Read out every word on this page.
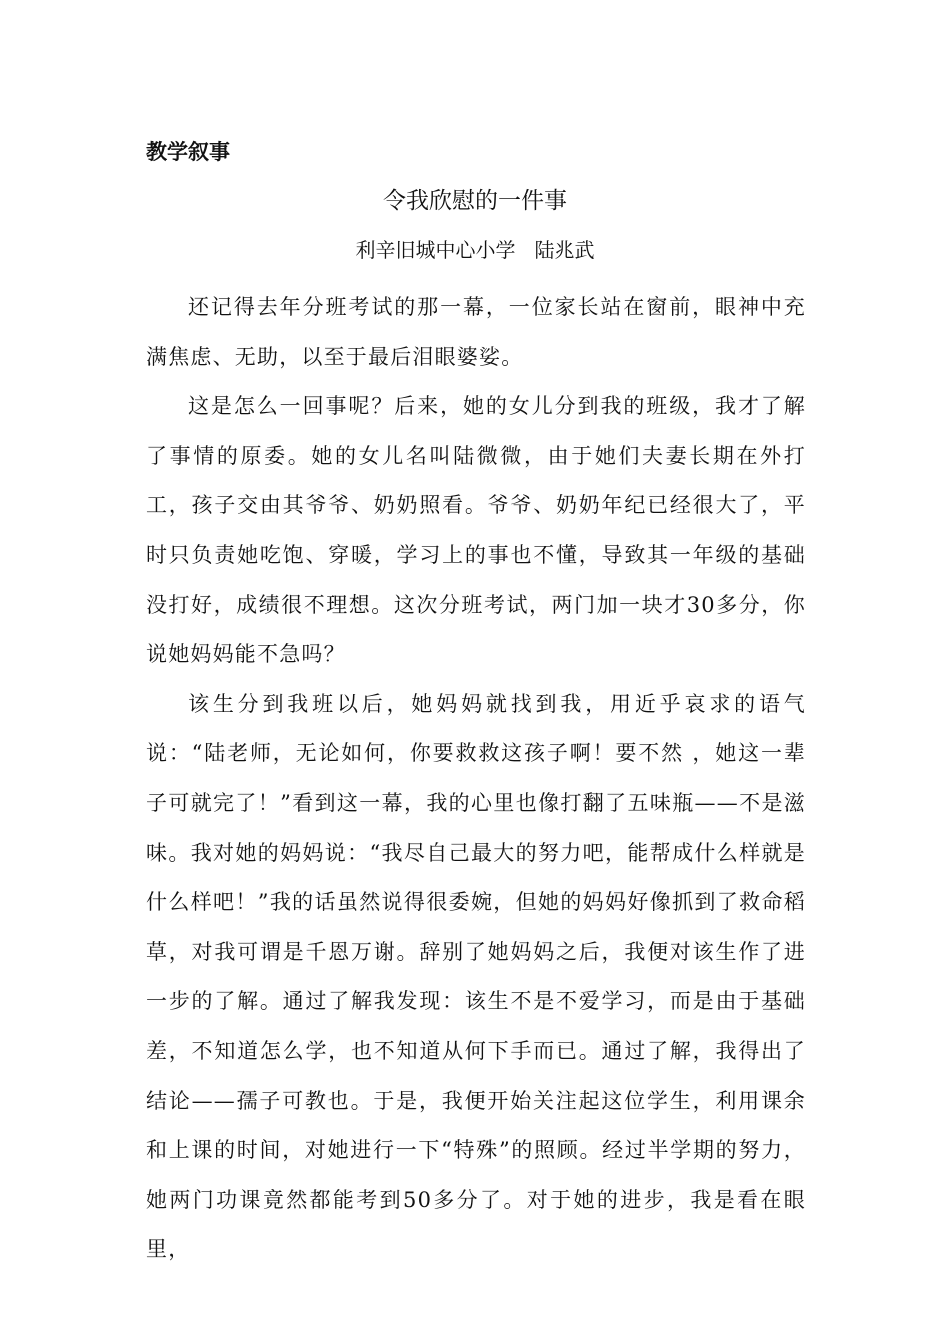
教学叙事
令我欣慰的一件事
利辛旧城中心小学   陆兆武

还记得去年分班考试的那一幕，一位家长站在窗前，眼神中充满焦虑、无助，以至于最后泪眼婆娑。

这是怎么一回事呢？后来，她的女儿分到我的班级，我才了解了事情的原委。她的女儿名叫陆微微，由于她们夫妻长期在外打工，孩子交由其爷爷、奶奶照看。爷爷、奶奶年纪已经很大了，平时只负责她吃饱、穿暖，学习上的事也不懂，导致其一年级的基础没打好，成绩很不理想。这次分班考试，两门加一块才30多分，你说她妈妈能不急吗？

该生分到我班以后，她妈妈就找到我，用近乎哀求的语气说：“陆老师，无论如何，你要救救这孩子啊！要不然 ，她这一辈子可就完了！”看到这一幕，我的心里也像打翻了五味瓶——不是滋味。我对她的妈妈说：“我尽自己最大的努力吧，能帮成什么样就是什么样吧！”我的话虽然说得很委婉，但她的妈妈好像抓到了救命稻草，对我可谓是千恩万谢。辞别了她妈妈之后，我便对该生作了进一步的了解。通过了解我发现：该生不是不爱学习，而是由于基础差，不知道怎么学，也不知道从何下手而已。通过了解，我得出了结论——孺子可教也。于是，我便开始关注起这位学生，利用课余和上课的时间，对她进行一下“特殊”的照顾。经过半学期的努力，她两门功课竟然都能考到50多分了。对于她的进步，我是看在眼里，
